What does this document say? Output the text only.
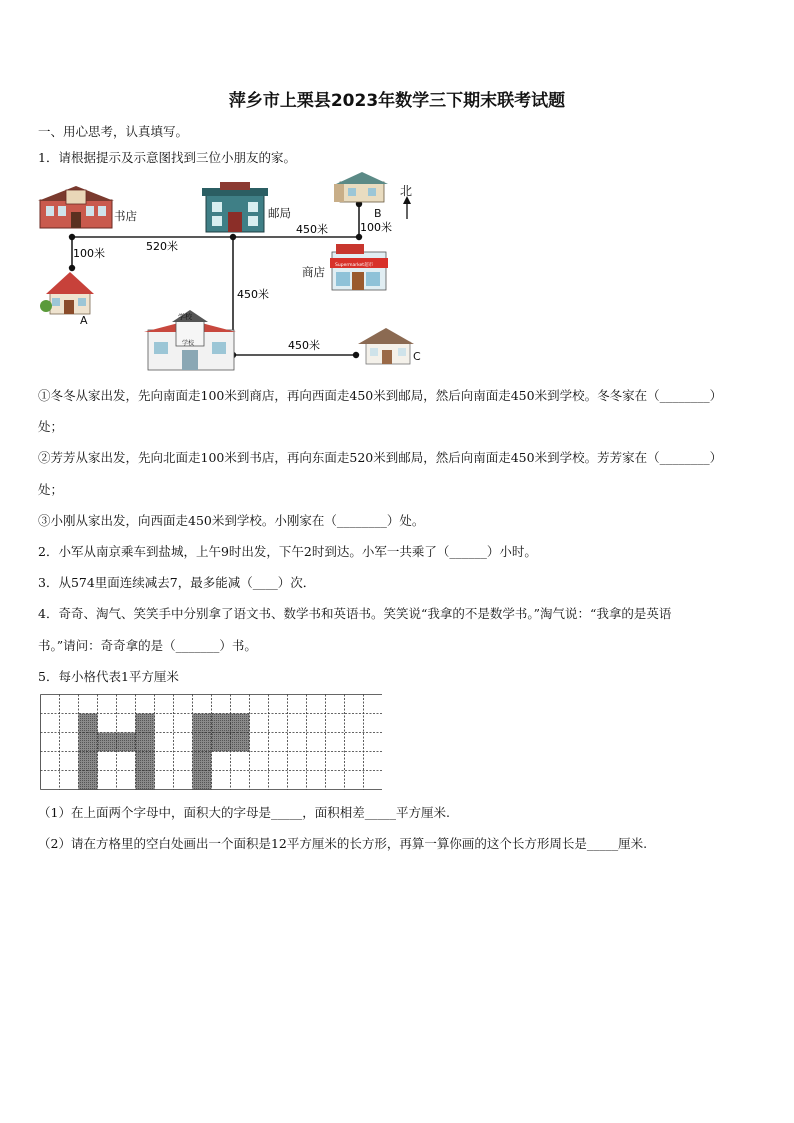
萍乡市上栗县2023年数学三下期末联考试题
一、用心思考，认真填写。
1．请根据提示及示意图找到三位小朋友的家。
书店	邮局	B
北
Supermarket超市
商店
A	学校
学校
C
100米
520米
450米	100米
450米
450米
①冬冬从家出发，先向南面走100米到商店，再向西面走450米到邮局，然后向南面走450米到学校。冬冬家在（________）
处；
②芳芳从家出发，先向北面走100米到书店，再向东面走520米到邮局，然后向南面走450米到学校。芳芳家在（________）
处；
③小刚从家出发，向西面走450米到学校。小刚家在（________）处。
2．小军从南京乘车到盐城，上午9时出发，下午2时到达。小军一共乘了（______）小时。
3．从574里面连续减去7，最多能减（____）次．
4．奇奇、淘气、笑笑手中分别拿了语文书、数学书和英语书。笑笑说“我拿的不是数学书。”淘气说：“我拿的是英语
书。”请问：奇奇拿的是（_______）书。
5．每小格代表1平方厘米
（1）在上面两个字母中，面积大的字母是_____，面积相差_____平方厘米.
（2）请在方格里的空白处画出一个面积是12平方厘米的长方形，再算一算你画的这个长方形周长是_____厘米.
